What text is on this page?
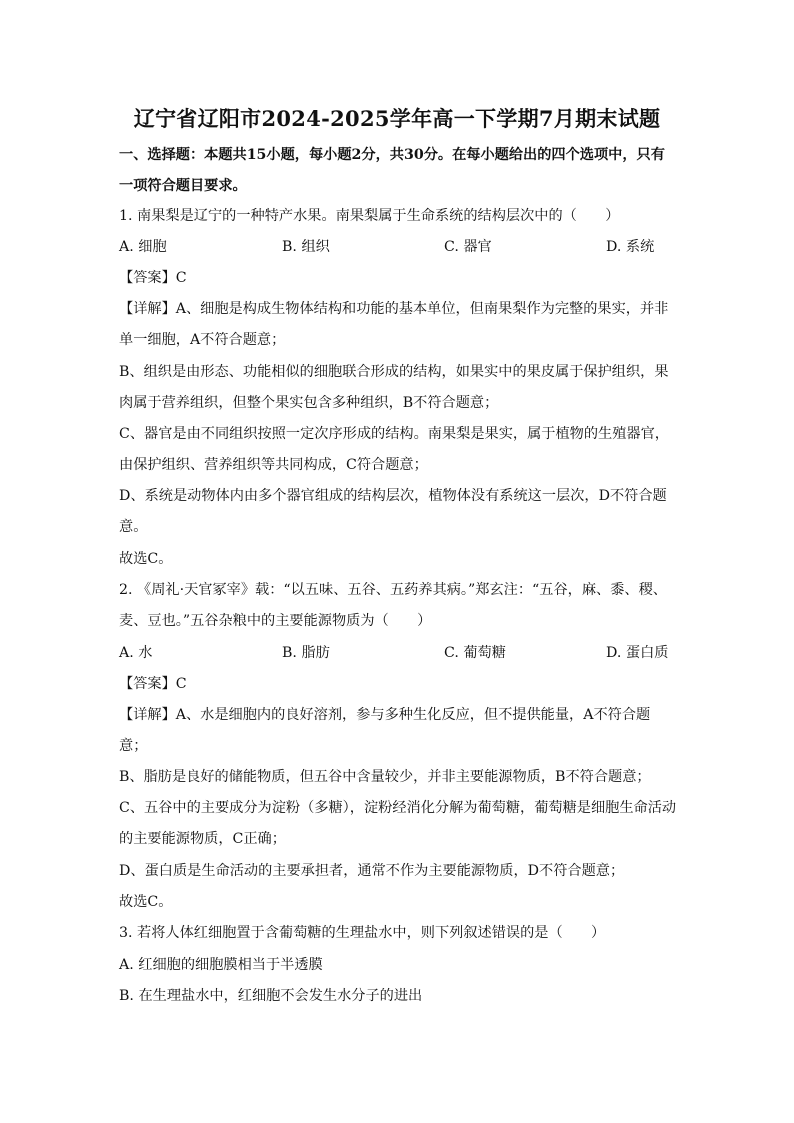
辽宁省辽阳市2024-2025学年高一下学期7月期末试题
一、选择题：本题共15小题，每小题2分，共30分。在每小题给出的四个选项中，只有
一项符合题目要求。
1. 南果梨是辽宁的一种特产水果。南果梨属于生命系统的结构层次中的（　　）
A. 细胞	B. 组织	C. 器官	D. 系统
【答案】C
【详解】A、细胞是构成生物体结构和功能的基本单位，但南果梨作为完整的果实，并非
单一细胞，A不符合题意；
B、组织是由形态、功能相似的细胞联合形成的结构，如果实中的果皮属于保护组织，果
肉属于营养组织，但整个果实包含多种组织，B不符合题意；
C、器官是由不同组织按照一定次序形成的结构。南果梨是果实，属于植物的生殖器官，
由保护组织、营养组织等共同构成，C符合题意；
D、系统是动物体内由多个器官组成的结构层次，植物体没有系统这一层次，D不符合题
意。
故选C。
2. 《周礼·天官冢宰》载：“以五味、五谷、五药养其病。”郑玄注：“五谷，麻、黍、稷、
麦、豆也。”五谷杂粮中的主要能源物质为（　　）
A. 水	B. 脂肪	C. 葡萄糖	D. 蛋白质
【答案】C
【详解】A、水是细胞内的良好溶剂，参与多种生化反应，但不提供能量，A不符合题
意；
B、脂肪是良好的储能物质，但五谷中含量较少，并非主要能源物质，B不符合题意；
C、五谷中的主要成分为淀粉（多糖），淀粉经消化分解为葡萄糖，葡萄糖是细胞生命活动
的主要能源物质，C正确；
D、蛋白质是生命活动的主要承担者，通常不作为主要能源物质，D不符合题意；
故选C。
3. 若将人体红细胞置于含葡萄糖的生理盐水中，则下列叙述错误的是（　　）
A. 红细胞的细胞膜相当于半透膜
B. 在生理盐水中，红细胞不会发生水分子的进出
